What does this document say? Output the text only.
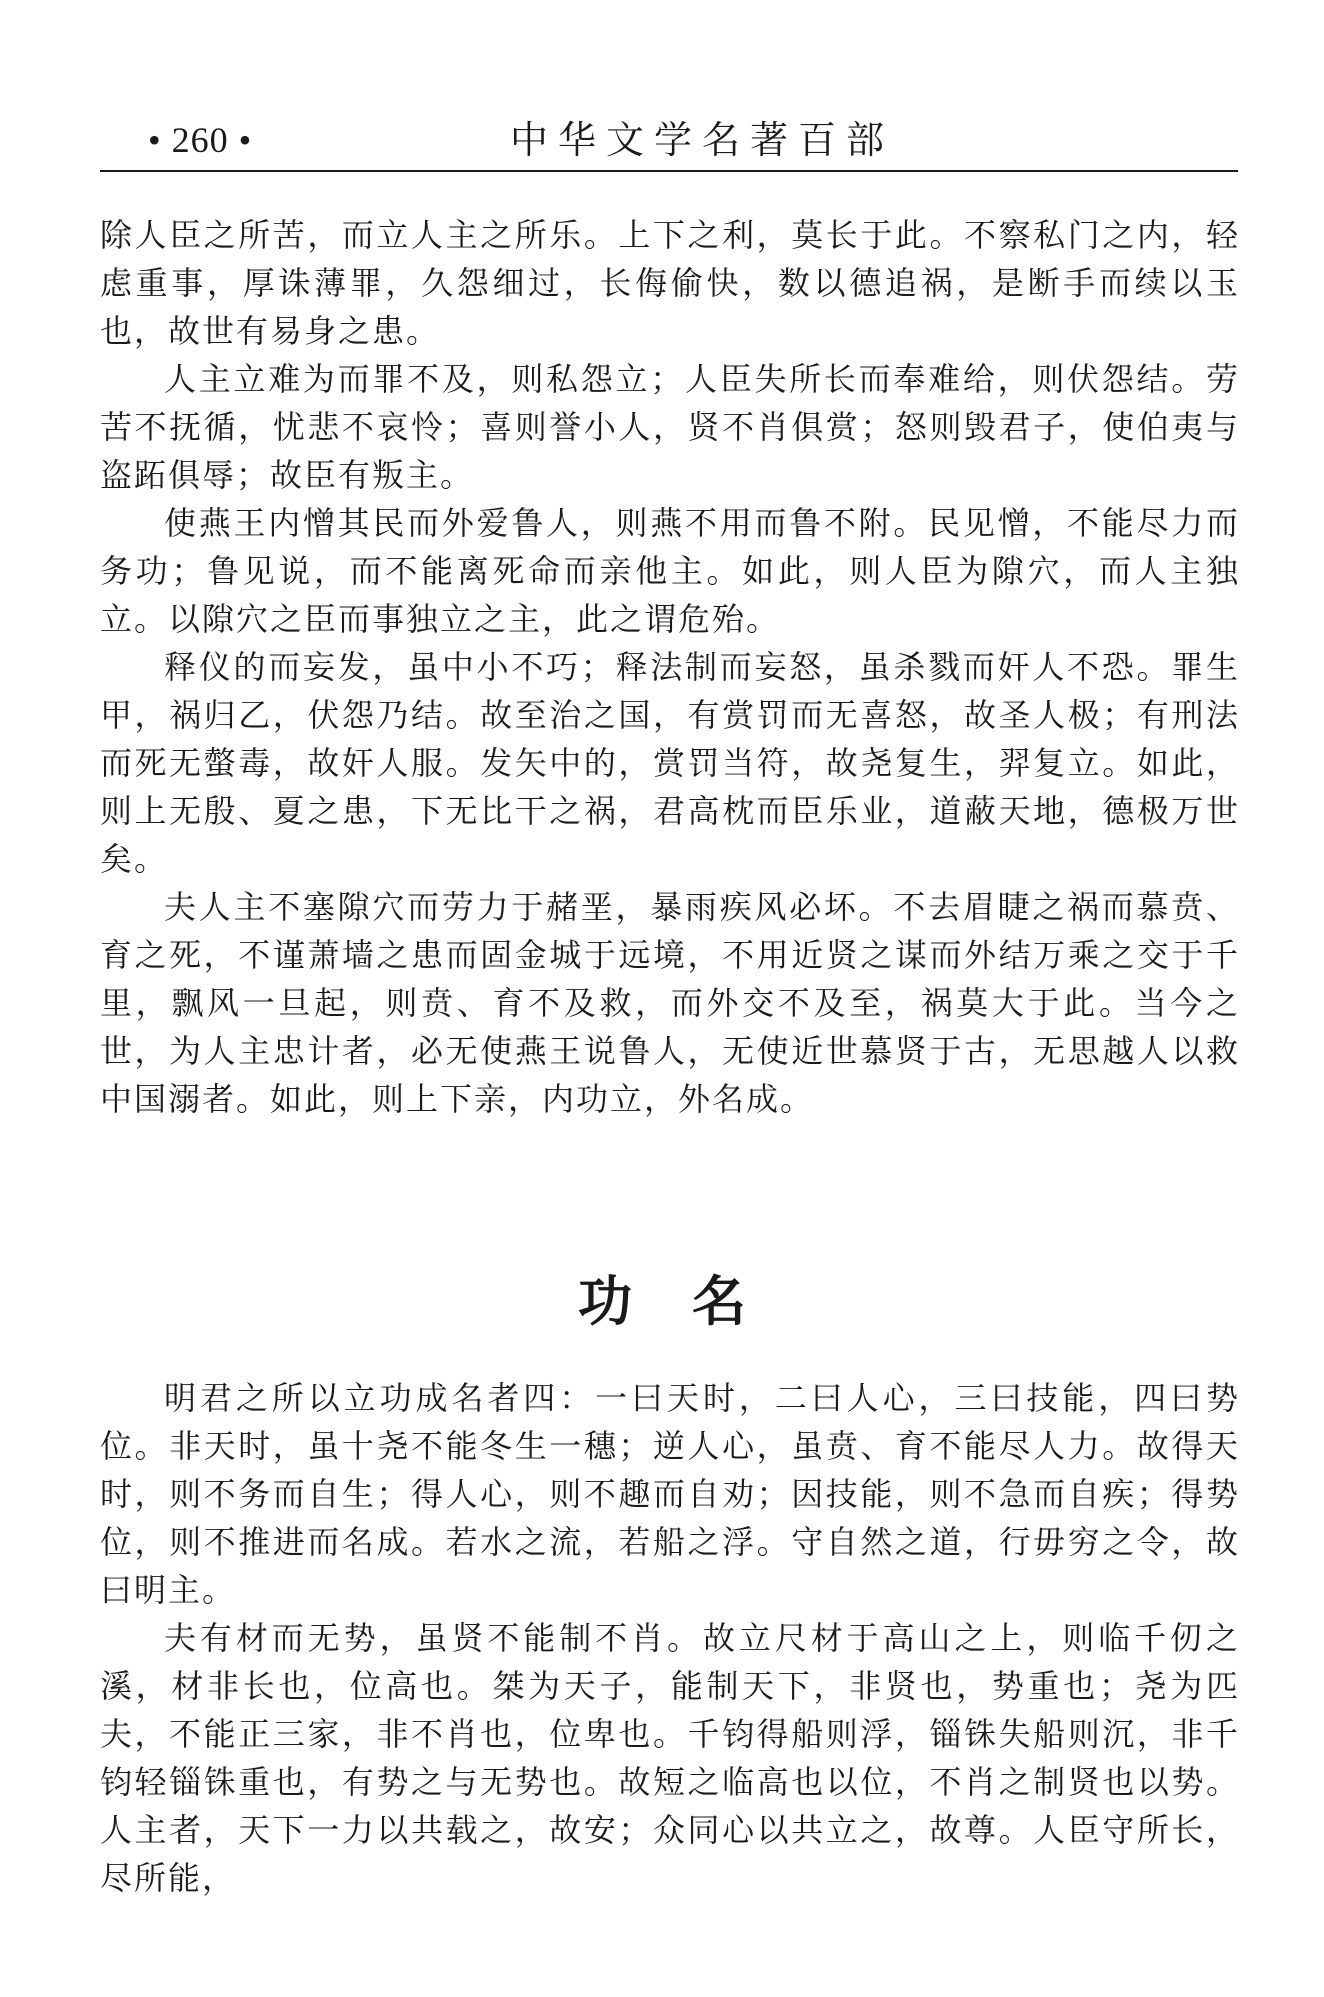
• 260 •	中华文学名著百部

除人臣之所苦，而立人主之所乐。上下之利，莫长于此。不察私门之内，轻虑重事，厚诛薄罪，久怨细过，长侮偷快，数以德追祸，是断手而续以玉也，故世有易身之患。

人主立难为而罪不及，则私怨立；人臣失所长而奉难给，则伏怨结。劳苦不抚循，忧悲不哀怜；喜则誉小人，贤不肖俱赏；怒则毁君子，使伯夷与盗跖俱辱；故臣有叛主。

使燕王内憎其民而外爱鲁人，则燕不用而鲁不附。民见憎，不能尽力而务功；鲁见说，而不能离死命而亲他主。如此，则人臣为隙穴，而人主独立。以隙穴之臣而事独立之主，此之谓危殆。

释仪的而妄发，虽中小不巧；释法制而妄怒，虽杀戮而奸人不恐。罪生甲，祸归乙，伏怨乃结。故至治之国，有赏罚而无喜怒，故圣人极；有刑法而死无螫毒，故奸人服。发矢中的，赏罚当符，故尧复生，羿复立。如此，则上无殷、夏之患，下无比干之祸，君高枕而臣乐业，道蔽天地，德极万世矣。

夫人主不塞隙穴而劳力于赭垩，暴雨疾风必坏。不去眉睫之祸而慕贲、育之死，不谨萧墙之患而固金城于远境，不用近贤之谋而外结万乘之交于千里，飘风一旦起，则贲、育不及救，而外交不及至，祸莫大于此。当今之世，为人主忠计者，必无使燕王说鲁人，无使近世慕贤于古，无思越人以救中国溺者。如此，则上下亲，内功立，外名成。

功名

明君之所以立功成名者四：一曰天时，二曰人心，三曰技能，四曰势位。非天时，虽十尧不能冬生一穗；逆人心，虽贲、育不能尽人力。故得天时，则不务而自生；得人心，则不趣而自劝；因技能，则不急而自疾；得势位，则不推进而名成。若水之流，若船之浮。守自然之道，行毋穷之令，故曰明主。

夫有材而无势，虽贤不能制不肖。故立尺材于高山之上，则临千仞之溪，材非长也，位高也。桀为天子，能制天下，非贤也，势重也；尧为匹夫，不能正三家，非不肖也，位卑也。千钧得船则浮，锱铢失船则沉，非千钧轻锱铢重也，有势之与无势也。故短之临高也以位，不肖之制贤也以势。人主者，天下一力以共载之，故安；众同心以共立之，故尊。人臣守所长，尽所能，
